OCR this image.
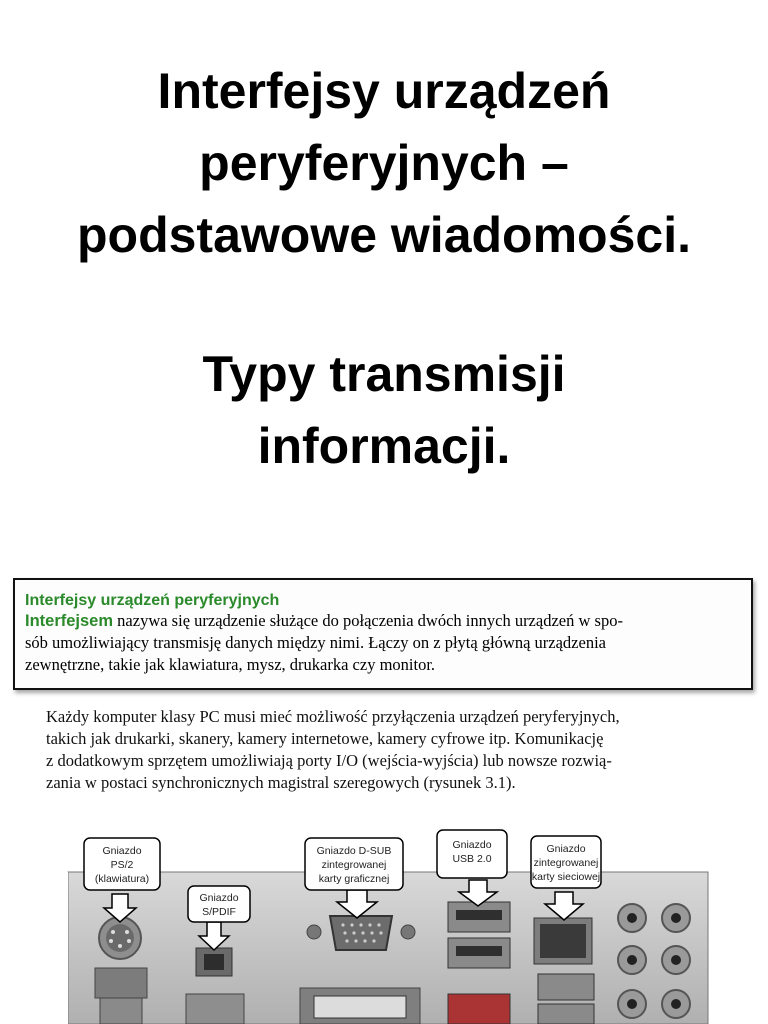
Interfejsy urządzeń
peryferyjnych –
podstawowe wiadomości.
Typy transmisji
informacji.
Interfejsy urządzeń peryferyjnych
Interfejsem nazywa się urządzenie służące do połączenia dwóch innych urządzeń w spo-
sób umożliwiający transmisję danych między nimi. Łączy on z płytą główną urządzenia
zewnętrzne, takie jak klawiatura, mysz, drukarka czy monitor.
Każdy komputer klasy PC musi mieć możliwość przyłączenia urządzeń peryferyjnych,
takich jak drukarki, skanery, kamery internetowe, kamery cyfrowe itp. Komunikację
z dodatkowym sprzętem umożliwiają porty I/O (wejścia-wyjścia) lub nowsze rozwią-
zania w postaci synchronicznych magistral szeregowych (rysunek 3.1).
Gniazdo
PS/2
(klawiatura)
Gniazdo
S/PDIF
Gniazdo D-SUB
zintegrowanej
karty graficznej
Gniazdo
USB 2.0
Gniazdo
zintegrowanej
karty sieciowej
